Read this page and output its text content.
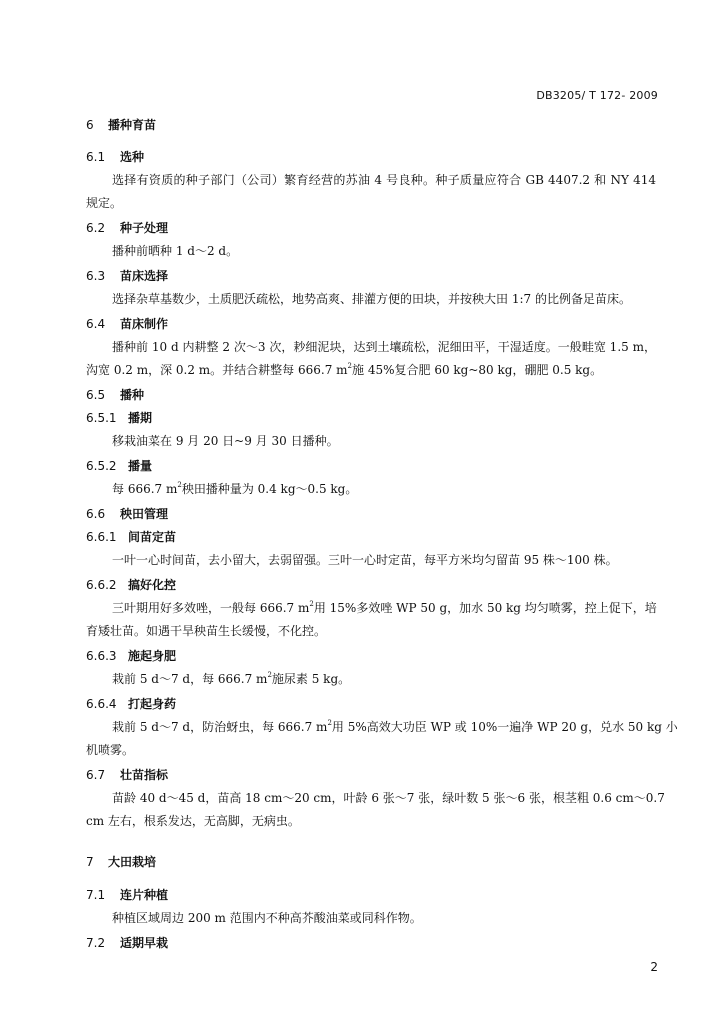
DB3205/ T 172- 2009
6 播种育苗
6.1 选种
选择有资质的种子部门（公司）繁育经营的苏油 4 号良种。种子质量应符合 GB 4407.2 和 NY 414
规定。
6.2 种子处理
播种前晒种 1 d～2 d。
6.3 苗床选择
选择杂草基数少，土质肥沃疏松，地势高爽、排灌方便的田块，并按秧大田 1:7 的比例备足苗床。
6.4 苗床制作
播种前 10 d 内耕整 2 次～3 次，耖细泥块，达到土壤疏松，泥细田平，干湿适度。一般畦宽 1.5 m，
沟宽 0.2 m，深 0.2 m。并结合耕整每 666.7 $m^2$施 45%复合肥 60 kg~80 kg，硼肥 0.5 kg。
6.5 播种
6.5.1 播期
移栽油菜在 9 月 20 日~9 月 30 日播种。
6.5.2 播量
每 666.7 $m^2$秧田播种量为 0.4 kg～0.5 kg。
6.6 秧田管理
6.6.1 间苗定苗
一叶一心时间苗，去小留大，去弱留强。三叶一心时定苗，每平方米均匀留苗 95 株～100 株。
6.6.2 搞好化控
三叶期用好多效唑，一般每 666.7 $m^2$用 15%多效唑 WP 50 g，加水 50 kg 均匀喷雾，控上促下，培
育矮壮苗。如遇干旱秧苗生长缓慢，不化控。
6.6.3 施起身肥
栽前 5 d～7 d，每 666.7 $m^2$施尿素 5 kg。
6.6.4 打起身药
栽前 5 d～7 d，防治蚜虫，每 666.7 $m^2$用 5%高效大功臣 WP 或 10%一遍净 WP 20 g，兑水 50 kg 小
机喷雾。
6.7 壮苗指标
苗龄 40 d～45 d，苗高 18 cm～20 cm，叶龄 6 张～7 张，绿叶数 5 张～6 张，根茎粗 0.6 cm～0.7
cm 左右，根系发达，无高脚，无病虫。
7 大田栽培
7.1 连片种植
种植区域周边 200 m 范围内不种高芥酸油菜或同科作物。
7.2 适期早栽
2
